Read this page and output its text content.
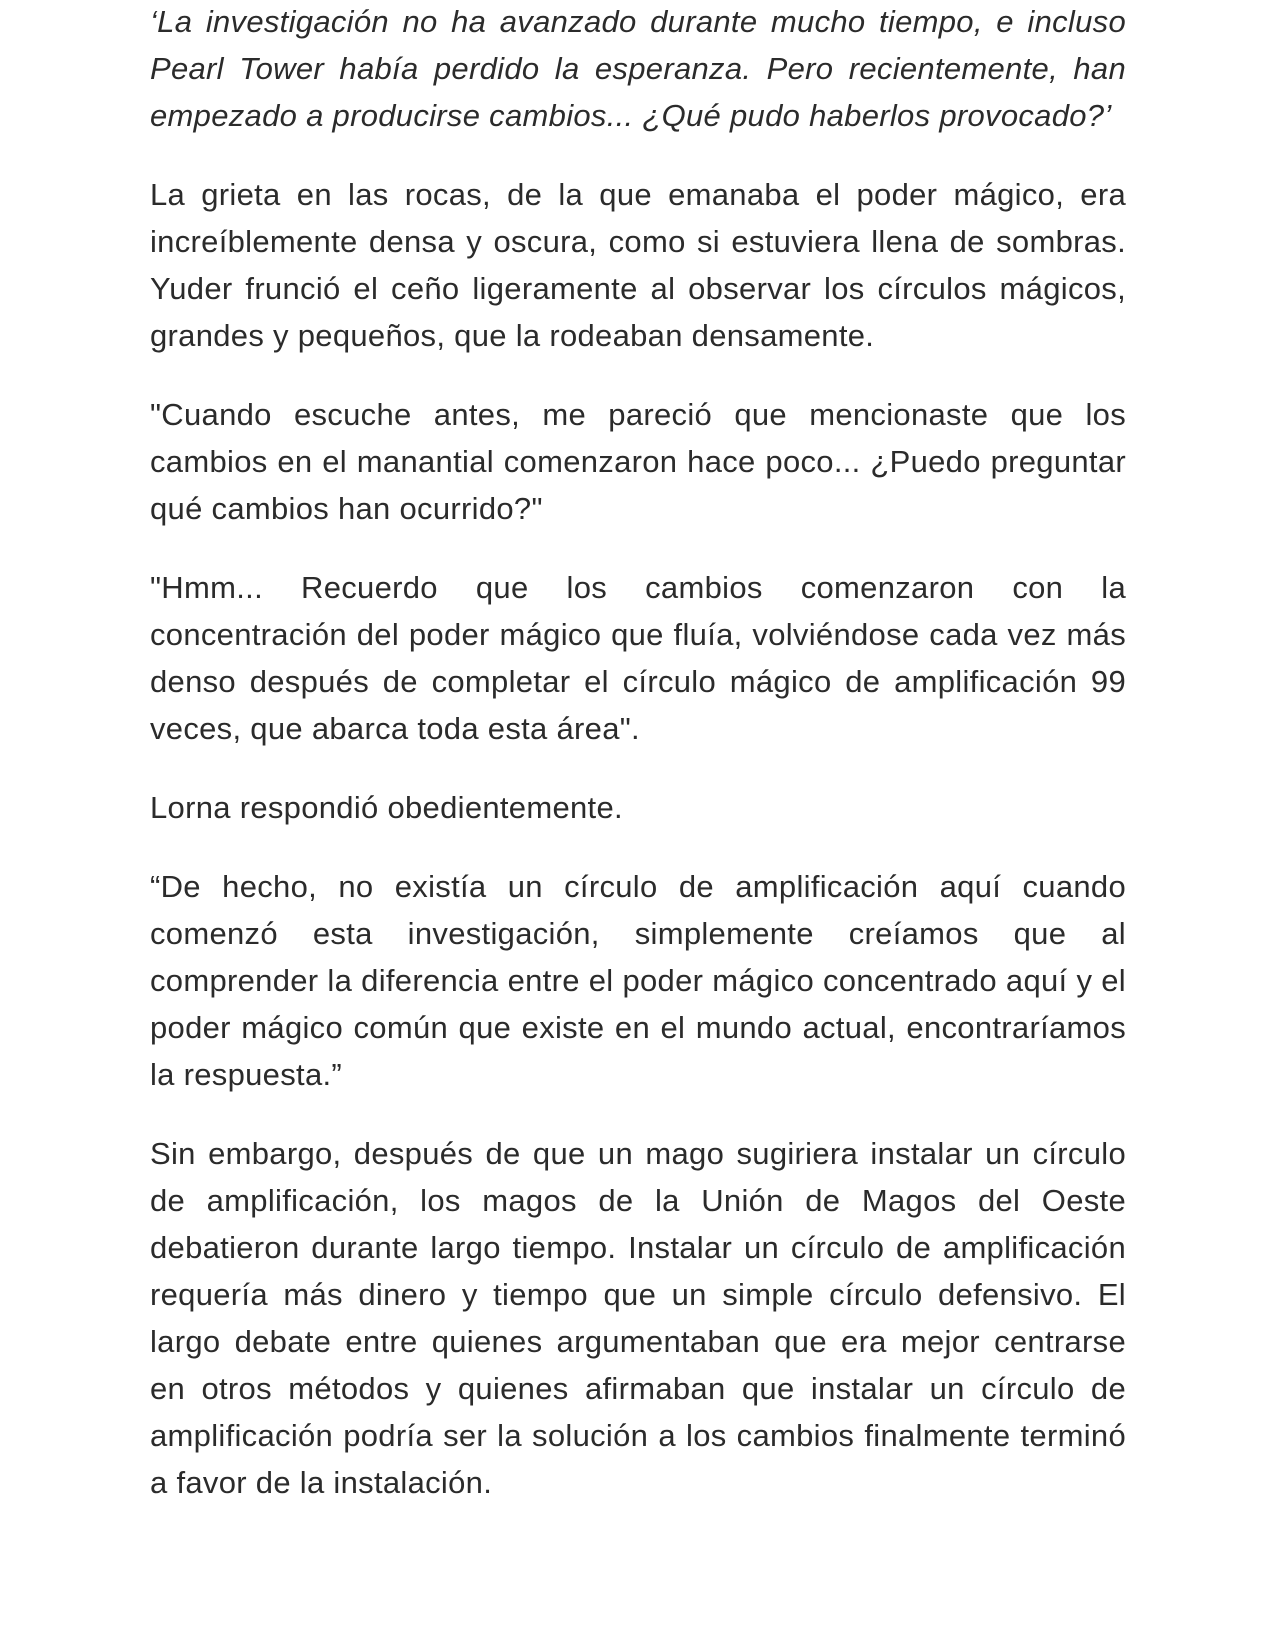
‘La investigación no ha avanzado durante mucho tiempo, e incluso Pearl Tower había perdido la esperanza. Pero recientemente, han empezado a producirse cambios... ¿Qué pudo haberlos provocado?’

La grieta en las rocas, de la que emanaba el poder mágico, era increíblemente densa y oscura, como si estuviera llena de sombras. Yuder frunció el ceño ligeramente al observar los círculos mágicos, grandes y pequeños, que la rodeaban densamente.

"Cuando escuche antes, me pareció que mencionaste que los cambios en el manantial comenzaron hace poco... ¿Puedo preguntar qué cambios han ocurrido?"

"Hmm... Recuerdo que los cambios comenzaron con la concentración del poder mágico que fluía, volviéndose cada vez más denso después de completar el círculo mágico de amplificación 99 veces, que abarca toda esta área".

Lorna respondió obedientemente.

“De hecho, no existía un círculo de amplificación aquí cuando comenzó esta investigación, simplemente creíamos que al comprender la diferencia entre el poder mágico concentrado aquí y el poder mágico común que existe en el mundo actual, encontraríamos la respuesta.”

Sin embargo, después de que un mago sugiriera instalar un círculo de amplificación, los magos de la Unión de Magos del Oeste debatieron durante largo tiempo. Instalar un círculo de amplificación requería más dinero y tiempo que un simple círculo defensivo. El largo debate entre quienes argumentaban que era mejor centrarse en otros métodos y quienes afirmaban que instalar un círculo de amplificación podría ser la solución a los cambios finalmente terminó a favor de la instalación.
